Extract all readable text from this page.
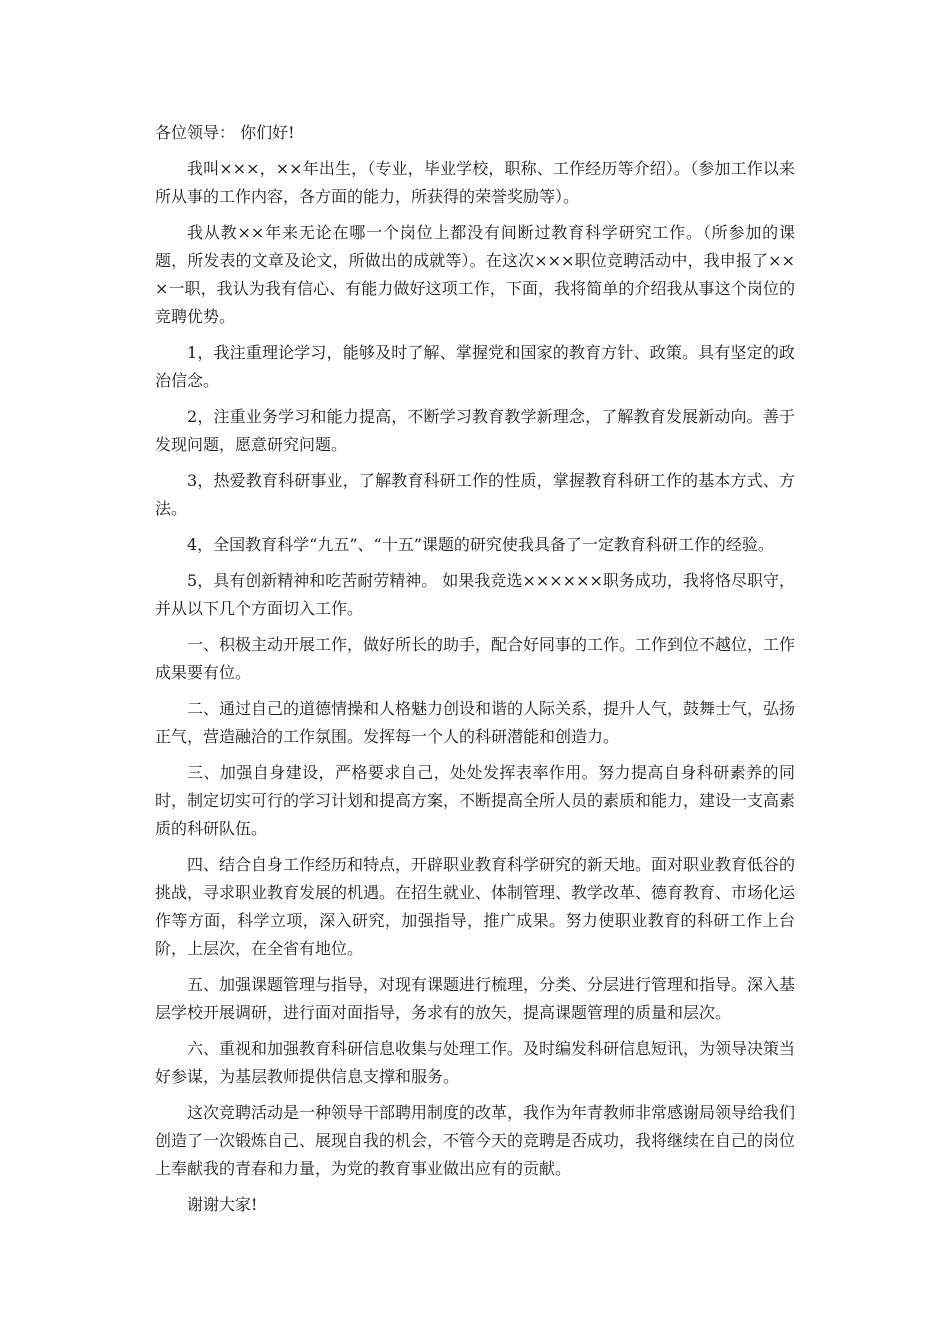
各位领导： 你们好!

我叫×××，××年出生，（专业，毕业学校，职称、工作经历等介绍）。（参加工作以来所从事的工作内容，各方面的能力，所获得的荣誉奖励等）。

我从教××年来无论在哪一个岗位上都没有间断过教育科学研究工作。（所参加的课题，所发表的文章及论文，所做出的成就等）。在这次×××职位竞聘活动中，我申报了×××一职，我认为我有信心、有能力做好这项工作，下面，我将简单的介绍我从事这个岗位的竞聘优势。

1，我注重理论学习，能够及时了解、掌握党和国家的教育方针、政策。具有坚定的政治信念。

2，注重业务学习和能力提高，不断学习教育教学新理念，了解教育发展新动向。善于发现问题，愿意研究问题。

3，热爱教育科研事业，了解教育科研工作的性质，掌握教育科研工作的基本方式、方法。

4，全国教育科学“九五”、“十五”课题的研究使我具备了一定教育科研工作的经验。

5，具有创新精神和吃苦耐劳精神。 如果我竞选××××××职务成功，我将恪尽职守，并从以下几个方面切入工作。

一、积极主动开展工作，做好所长的助手，配合好同事的工作。工作到位不越位，工作成果要有位。

二、通过自己的道德情操和人格魅力创设和谐的人际关系，提升人气，鼓舞士气，弘扬正气，营造融洽的工作氛围。发挥每一个人的科研潜能和创造力。

三、加强自身建设，严格要求自己，处处发挥表率作用。努力提高自身科研素养的同时，制定切实可行的学习计划和提高方案，不断提高全所人员的素质和能力，建设一支高素质的科研队伍。

四、结合自身工作经历和特点，开辟职业教育科学研究的新天地。面对职业教育低谷的挑战，寻求职业教育发展的机遇。在招生就业、体制管理、教学改革、德育教育、市场化运作等方面，科学立项，深入研究，加强指导，推广成果。努力使职业教育的科研工作上台阶，上层次，在全省有地位。

五、加强课题管理与指导，对现有课题进行梳理，分类、分层进行管理和指导。深入基层学校开展调研，进行面对面指导，务求有的放矢，提高课题管理的质量和层次。

六、重视和加强教育科研信息收集与处理工作。及时编发科研信息短讯，为领导决策当好参谋，为基层教师提供信息支撑和服务。

这次竞聘活动是一种领导干部聘用制度的改革，我作为年青教师非常感谢局领导给我们创造了一次锻炼自己、展现自我的机会，不管今天的竞聘是否成功，我将继续在自己的岗位上奉献我的青春和力量，为党的教育事业做出应有的贡献。

谢谢大家!
